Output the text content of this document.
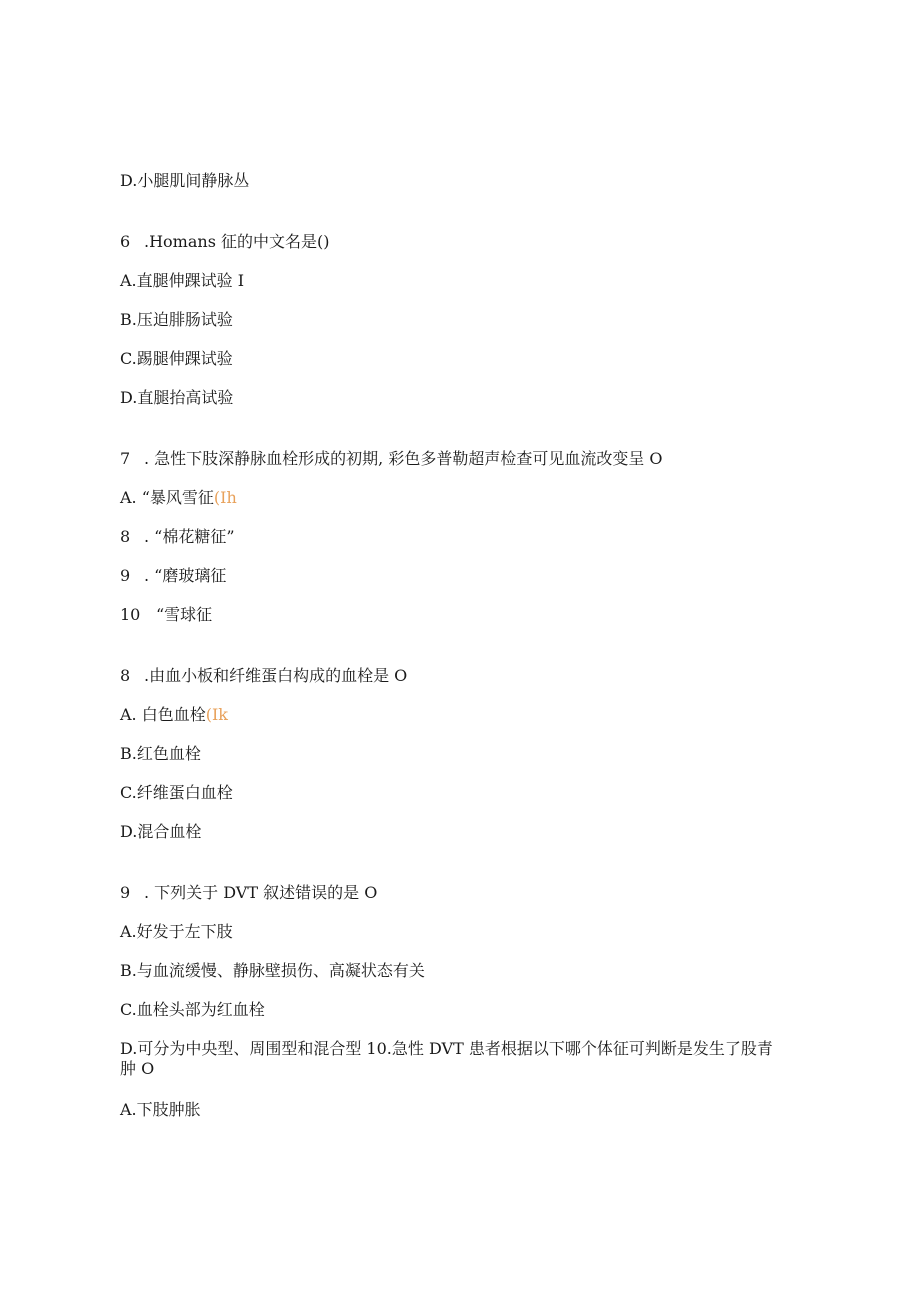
D.小腿肌间静脉丛
6 .Homans 征的中文名是()
A.直腿伸踝试验 I
B.压迫腓肠试验
C.踢腿伸踝试验
D.直腿抬高试验
7 . 急性下肢深静脉血栓形成的初期, 彩色多普勒超声检查可见血流改变呈 O
A. “暴风雪征(Ih
8 . “棉花糖征”
9 . “磨玻璃征
10 “雪球征
8 .由血小板和纤维蛋白构成的血栓是 O
A. 白色血栓(Ik
B.红色血栓
C.纤维蛋白血栓
D.混合血栓
9 . 下列关于 DVT 叙述错误的是 O
A.好发于左下肢
B.与血流缓慢、静脉壁损伤、高凝状态有关
C.血栓头部为红血栓
D.可分为中央型、周围型和混合型 10.急性 DVT 患者根据以下哪个体征可判断是发生了股青肿 O
A.下肢肿胀
